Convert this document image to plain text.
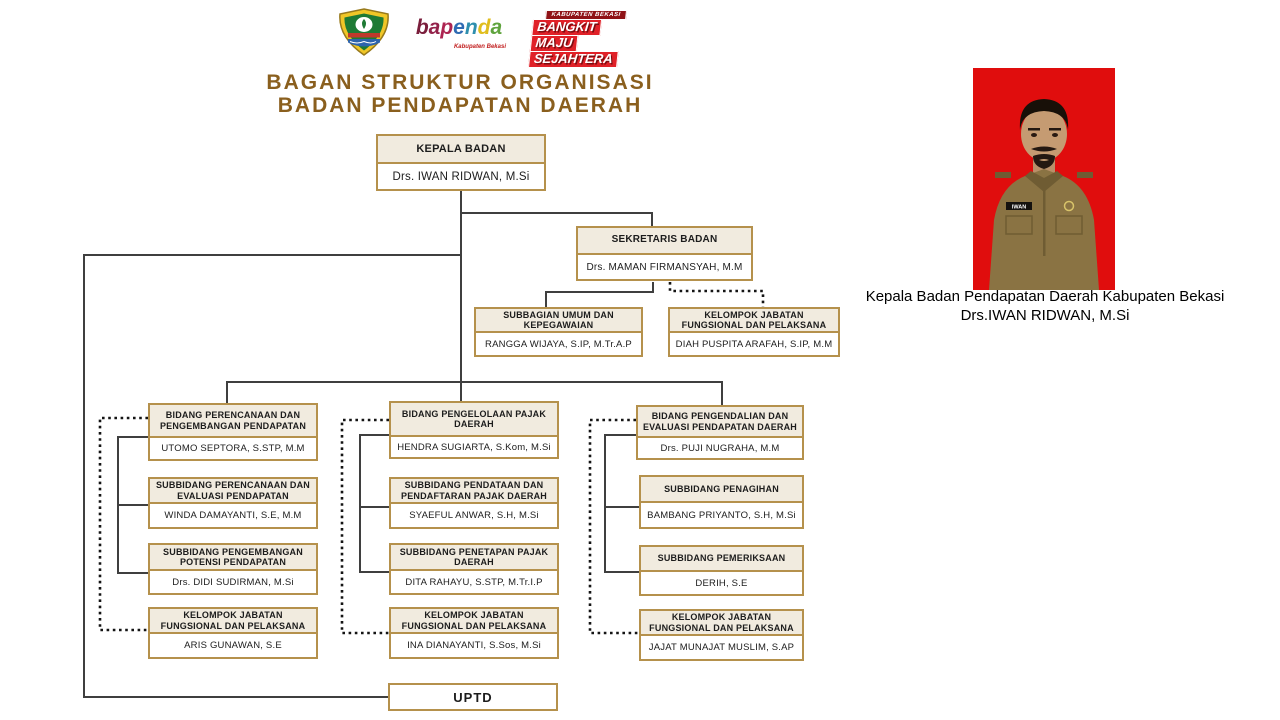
bapenda
Kabupaten Bekasi
KABUPATEN BEKASI
BANGKIT
MAJU
SEJAHTERA
BAGAN STRUKTUR ORGANISASI
BADAN PENDAPATAN DAERAH
KEPALA BADAN
Drs. IWAN RIDWAN, M.Si
SEKRETARIS BADAN
Drs. MAMAN FIRMANSYAH, M.M
SUBBAGIAN UMUM DAN KEPEGAWAIAN
RANGGA WIJAYA, S.IP, M.Tr.A.P
KELOMPOK JABATAN FUNGSIONAL DAN PELAKSANA
DIAH PUSPITA ARAFAH, S.IP, M.M
BIDANG PERENCANAAN DAN PENGEMBANGAN PENDAPATAN
UTOMO SEPTORA, S.STP, M.M
SUBBIDANG PERENCANAAN DAN EVALUASI PENDAPATAN
WINDA DAMAYANTI, S.E, M.M
SUBBIDANG PENGEMBANGAN POTENSI PENDAPATAN
Drs. DIDI SUDIRMAN, M.Si
KELOMPOK JABATAN FUNGSIONAL DAN PELAKSANA
ARIS GUNAWAN, S.E
BIDANG PENGELOLAAN PAJAK DAERAH
HENDRA SUGIARTA, S.Kom, M.Si
SUBBIDANG PENDATAAN DAN PENDAFTARAN PAJAK DAERAH
SYAEFUL ANWAR, S.H, M.Si
SUBBIDANG PENETAPAN PAJAK DAERAH
DITA RAHAYU, S.STP, M.Tr.I.P
KELOMPOK JABATAN FUNGSIONAL DAN PELAKSANA
INA DIANAYANTI, S.Sos, M.Si
BIDANG PENGENDALIAN DAN EVALUASI PENDAPATAN DAERAH
Drs. PUJI NUGRAHA, M.M
SUBBIDANG PENAGIHAN
BAMBANG PRIYANTO, S.H, M.Si
SUBBIDANG PEMERIKSAAN
DERIH, S.E
KELOMPOK JABATAN FUNGSIONAL DAN PELAKSANA
JAJAT MUNAJAT MUSLIM, S.AP
UPTD
IWAN
Kepala Badan Pendapatan Daerah Kabupaten Bekasi
Drs.IWAN RIDWAN, M.Si
